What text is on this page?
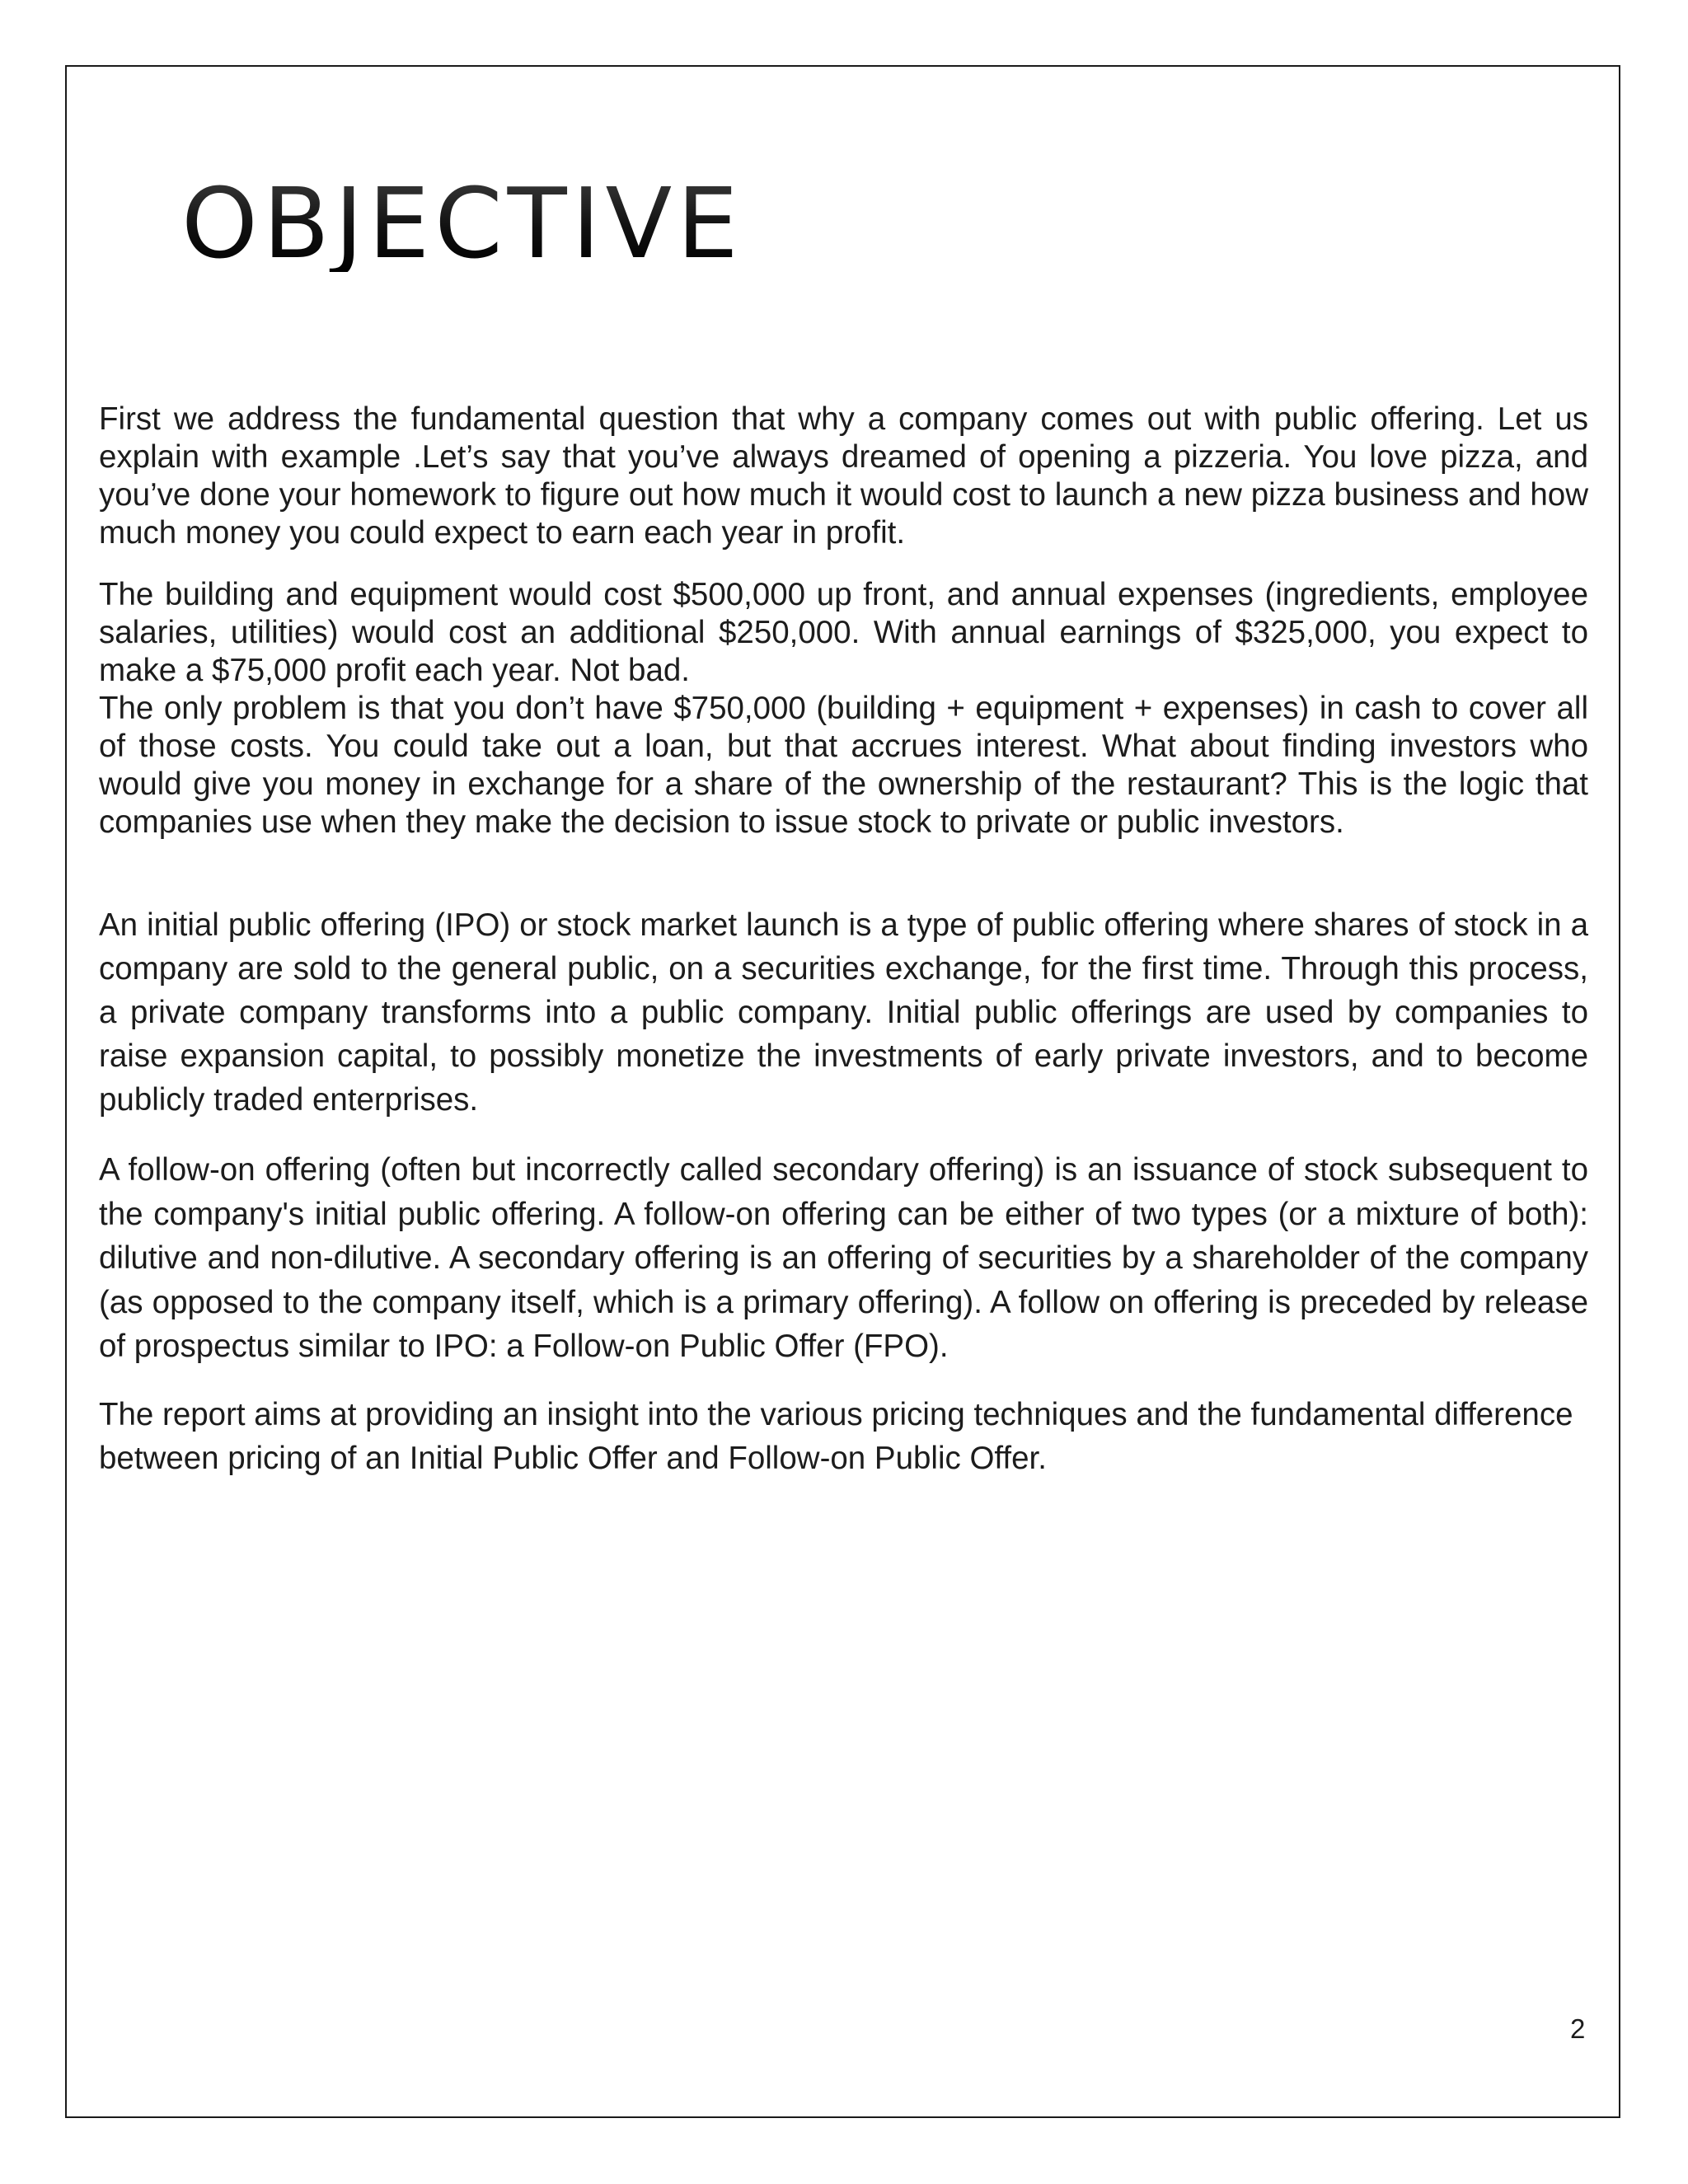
OBJECTIVE

First we address the fundamental question that why a company comes out with public offering. Let us explain with example .Let’s say that you’ve always dreamed of opening a pizzeria. You love pizza, and you’ve done your homework to figure out how much it would cost to launch a new pizza business and how much money you could expect to earn each year in profit.

The building and equipment would cost $500,000 up front, and annual expenses (ingredients, employee salaries, utilities) would cost an additional $250,000. With annual earnings of $325,000, you expect to make a $75,000 profit each year. Not bad.

The only problem is that you don’t have $750,000 (building + equipment + expenses) in cash to cover all of those costs. You could take out a loan, but that accrues interest. What about finding investors who would give you money in exchange for a share of the ownership of the restaurant? This is the logic that companies use when they make the decision to issue stock to private or public investors.

An initial public offering (IPO) or stock market launch is a type of public offering where shares of stock in a company are sold to the general public, on a securities exchange, for the first time. Through this process, a private company transforms into a public company. Initial public offerings are used by companies to raise expansion capital, to possibly monetize the investments of early private investors, and to become publicly traded enterprises.

A follow-on offering (often but incorrectly called secondary offering) is an issuance of stock subsequent to the company's initial public offering. A follow-on offering can be either of two types (or a mixture of both): dilutive and non-dilutive. A secondary offering is an offering of securities by a shareholder of the company (as opposed to the company itself, which is a primary offering). A follow on offering is preceded by release of prospectus similar to IPO: a Follow-on Public Offer (FPO).

The report aims at providing an insight into the various pricing techniques and the fundamental difference between pricing of an Initial Public Offer and Follow-on Public Offer.

2
